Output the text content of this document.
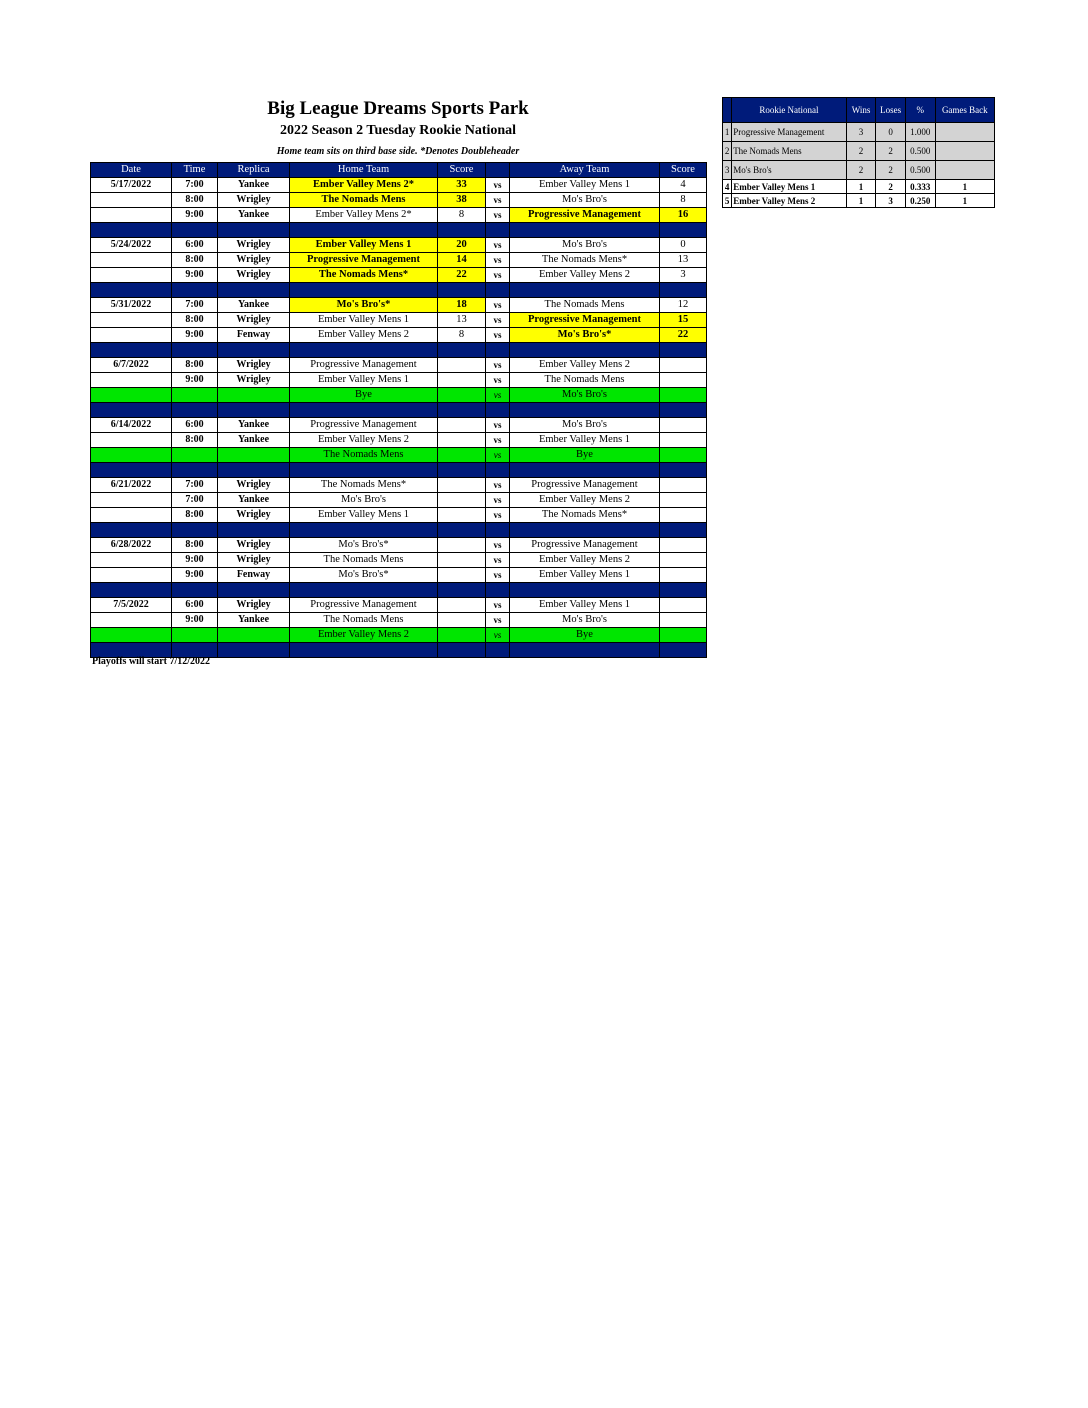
Big League Dreams Sports Park
2022 Season 2 Tuesday Rookie National
Home team sits on third base side. *Denotes Doubleheader
Date	Time	Replica	Home Team	Score		Away Team	Score
5/17/2022	7:00	Yankee	Ember Valley Mens 2*	33	vs	Ember Valley Mens 1	4
	8:00	Wrigley	The Nomads Mens	38	vs	Mo's Bro's	8
	9:00	Yankee	Ember Valley Mens 2*	8	vs	Progressive Management	16

5/24/2022	6:00	Wrigley	Ember Valley Mens 1	20	vs	Mo's Bro's	0
	8:00	Wrigley	Progressive Management	14	vs	The Nomads Mens*	13
	9:00	Wrigley	The Nomads Mens*	22	vs	Ember Valley Mens 2	3

5/31/2022	7:00	Yankee	Mo's Bro's*	18	vs	The Nomads Mens	12
	8:00	Wrigley	Ember Valley Mens 1	13	vs	Progressive Management	15
	9:00	Fenway	Ember Valley Mens 2	8	vs	Mo's Bro's*	22

6/7/2022	8:00	Wrigley	Progressive Management		vs	Ember Valley Mens 2	
	9:00	Wrigley	Ember Valley Mens 1		vs	The Nomads Mens	
			Bye		vs	Mo's Bro's	

6/14/2022	6:00	Yankee	Progressive Management		vs	Mo's Bro's	
	8:00	Yankee	Ember Valley Mens 2		vs	Ember Valley Mens 1	
			The Nomads Mens		vs	Bye	

6/21/2022	7:00	Wrigley	The Nomads Mens*		vs	Progressive Management	
	7:00	Yankee	Mo's Bro's		vs	Ember Valley Mens 2	
	8:00	Wrigley	Ember Valley Mens 1		vs	The Nomads Mens*	

6/28/2022	8:00	Wrigley	Mo's Bro's*		vs	Progressive Management	
	9:00	Wrigley	The Nomads Mens		vs	Ember Valley Mens 2	
	9:00	Fenway	Mo's Bro's*		vs	Ember Valley Mens 1	

7/5/2022	6:00	Wrigley	Progressive Management		vs	Ember Valley Mens 1	
	9:00	Yankee	The Nomads Mens		vs	Mo's Bro's	
			Ember Valley Mens 2		vs	Bye	

Playoffs will start 7/12/2022
	Rookie National	Wins	Loses	%	Games Back
1	Progressive Management	3	0	1.000	
2	The Nomads Mens	2	2	0.500	
3	Mo's Bro's	2	2	0.500	
4	Ember Valley Mens 1	1	2	0.333	1
5	Ember Valley Mens 2	1	3	0.250	1
